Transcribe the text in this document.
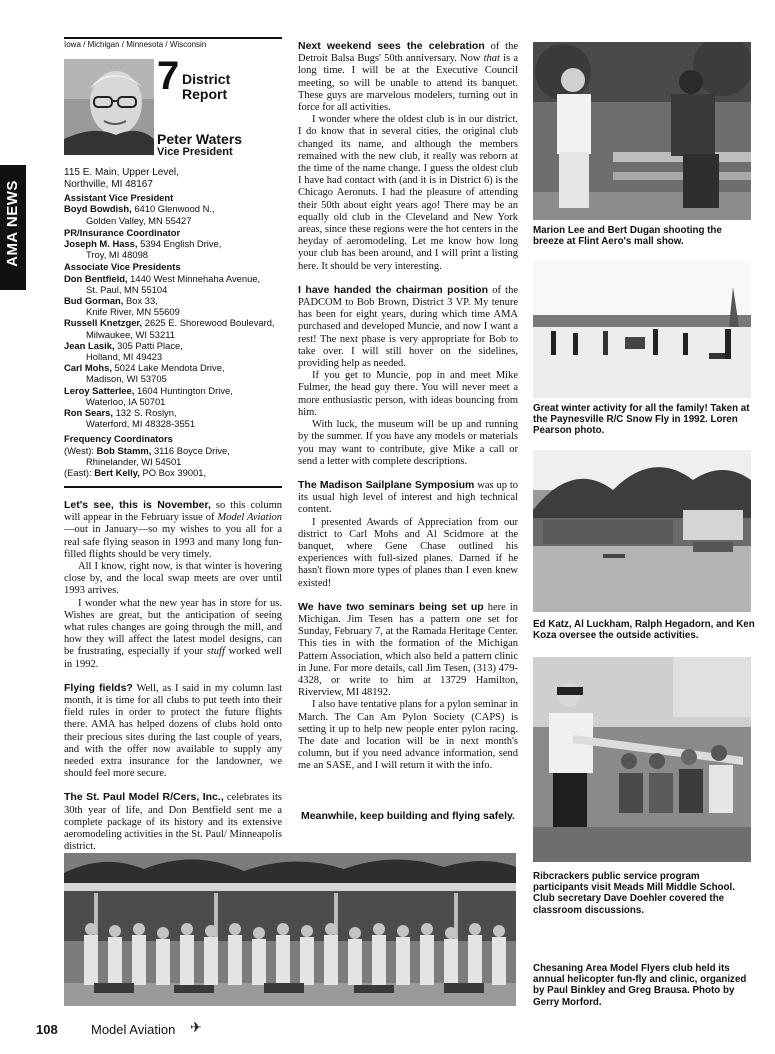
AMA NEWS
Iowa / Michigan / Minnesota / Wisconsin
7 District Report
Peter Waters
Vice President
115 E. Main, Upper Level,
Northville, MI 48167
Assistant Vice President
Boyd Bowdish, 6410 Glenwood N.,
Golden Valley, MN 55427
PR/Insurance Coordinator
Joseph M. Hass, 5394 English Drive,
Troy, MI 48098
Associate Vice Presidents
Don Bentfield, 1440 West Minnehaha Avenue,
St. Paul, MN 55104
Bud Gorman, Box 33,
Knife River, MN 55609
Russell Knetzger, 2625 E. Shorewood Boulevard,
Milwaukee, WI 53211
Jean Lasik, 305 Patti Place,
Holland, MI 49423
Carl Mohs, 5024 Lake Mendota Drive,
Madison, WI 53705
Leroy Satterlee, 1604 Huntington Drive,
Waterloo, IA 50701
Ron Sears, 132 S. Roslyn,
Waterford, MI 48328-3551
Frequency Coordinators
(West): Bob Stamm, 3116 Boyce Drive,
Rhinelander, WI 54501
(East): Bert Kelly, PO Box 39001,

Let's see, this is November, so this column will appear in the February issue of Model Aviation—out in January—so my wishes to you all for a real safe flying season in 1993 and many long fun-filled flights should be very timely.

All I know, right now, is that winter is hovering close by, and the local swap meets are over until 1993 arrives.

I wonder what the new year has in store for us. Wishes are great, but the anticipation of seeing what rules changes are going through the mill, and how they will affect the latest model designs, can be frustrating, especially if your stuff worked well in 1992.

Flying fields? Well, as I said in my column last month, it is time for all clubs to put teeth into their field rules in order to protect the future flights there. AMA has helped dozens of clubs hold onto their precious sites during the last couple of years, and with the offer now available to supply any needed extra insurance for the landowner, we should feel more secure.

The St. Paul Model R/Cers, Inc., celebrates its 30th year of life, and Don Bentfield sent me a complete package of its history and its extensive aeromodeling activities in the St. Paul/ Minneapolis district.

Next weekend sees the celebration of the Detroit Balsa Bugs' 50th anniversary. Now that is a long time. I will be at the Executive Council meeting, so will be unable to attend its banquet. These guys are marvelous modelers, turning out in force for all activities.

I wonder where the oldest club is in our district. I do know that in several cities, the original club changed its name, and although the members remained with the new club, it really was reborn at the time of the name change. I guess the oldest club I have had contact with (and it is in District 6) is the Chicago Aeronuts. I had the pleasure of attending their 50th about eight years ago! There may be an equally old club in the Cleveland and New York areas, since these regions were the hot centers in the heyday of aeromodeling. Let me know how long your club has been around, and I will print a listing here. It should be very interesting.

I have handed the chairman position of the PADCOM to Bob Brown, District 3 VP. My tenure has been for eight years, during which time AMA purchased and developed Muncie, and now I want a rest! The next phase is very appropriate for Bob to take over. I will still hover on the sidelines, providing help as needed.

If you get to Muncie, pop in and meet Mike Fulmer, the head guy there. You will never meet a more enthusiastic person, with ideas bouncing from him.

With luck, the museum will be up and running by the summer. If you have any models or materials you may want to contribute, give Mike a call or send a letter with complete descriptions.

The Madison Sailplane Symposium was up to its usual high level of interest and high technical content.

I presented Awards of Appreciation from our district to Carl Mohs and Al Scidmore at the banquet, where Gene Chase outlined his experiences with full-sized planes. Darned if he hasn't flown more types of planes than I even knew existed!

We have two seminars being set up here in Michigan. Jim Tesen has a pattern one set for Sunday, February 7, at the Ramada Heritage Center. This ties in with the formation of the Michigan Pattern Association, which also held a pattern clinic in June. For more details, call Jim Tesen, (313) 479-4328, or write to him at 13729 Hamilton, Riverview, MI 48192.

I also have tentative plans for a pylon seminar in March. The Can Am Pylon Society (CAPS) is setting it up to help new people enter pylon racing. The date and location will be in next month's column, but if you need advance information, send me an SASE, and I will return it with the info.

Meanwhile, keep building and flying safely.
Marion Lee and Bert Dugan shooting the breeze at Flint Aero's mall show.
Great winter activity for all the family! Taken at the Paynesville R/C Snow Fly in 1992. Loren Pearson photo.
Ed Katz, Al Luckham, Ralph Hegadorn, and Ken Koza oversee the outside activities.
Ribcrackers public service program participants visit Meads Mill Middle School. Club secretary Dave Doehler covered the classroom discussions.
Chesaning Area Model Flyers club held its annual helicopter fun-fly and clinic, organized by Paul Binkley and Greg Brausa. Photo by Gerry Morford.
108	Model Aviation ✈
